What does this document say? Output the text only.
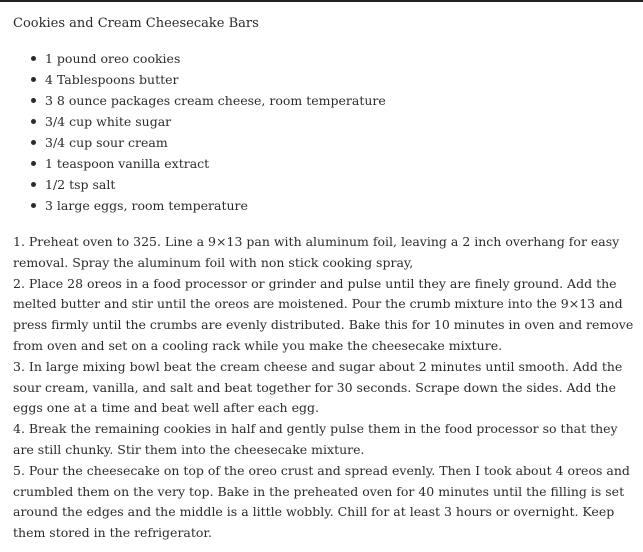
Cookies and Cream Cheesecake Bars
1 pound oreo cookies
4 Tablespoons butter
3 8 ounce packages cream cheese, room temperature
3/4 cup white sugar
3/4 cup sour cream
1 teaspoon vanilla extract
1/2 tsp salt
3 large eggs, room temperature

1. Preheat oven to 325. Line a 9×13 pan with aluminum foil, leaving a 2 inch overhang for easy removal. Spray the aluminum foil with non stick cooking spray,

2. Place 28 oreos in a food processor or grinder and pulse until they are finely ground. Add the melted butter and stir until the oreos are moistened. Pour the crumb mixture into the 9×13 and press firmly until the crumbs are evenly distributed. Bake this for 10 minutes in oven and remove from oven and set on a cooling rack while you make the cheesecake mixture.

3. In large mixing bowl beat the cream cheese and sugar about 2 minutes until smooth. Add the sour cream, vanilla, and salt and beat together for 30 seconds. Scrape down the sides. Add the eggs one at a time and beat well after each egg.

4. Break the remaining cookies in half and gently pulse them in the food processor so that they are still chunky. Stir them into the cheesecake mixture.

5. Pour the cheesecake on top of the oreo crust and spread evenly. Then I took about 4 oreos and crumbled them on the very top. Bake in the preheated oven for 40 minutes until the filling is set around the edges and the middle is a little wobbly. Chill for at least 3 hours or overnight. Keep them stored in the refrigerator.
